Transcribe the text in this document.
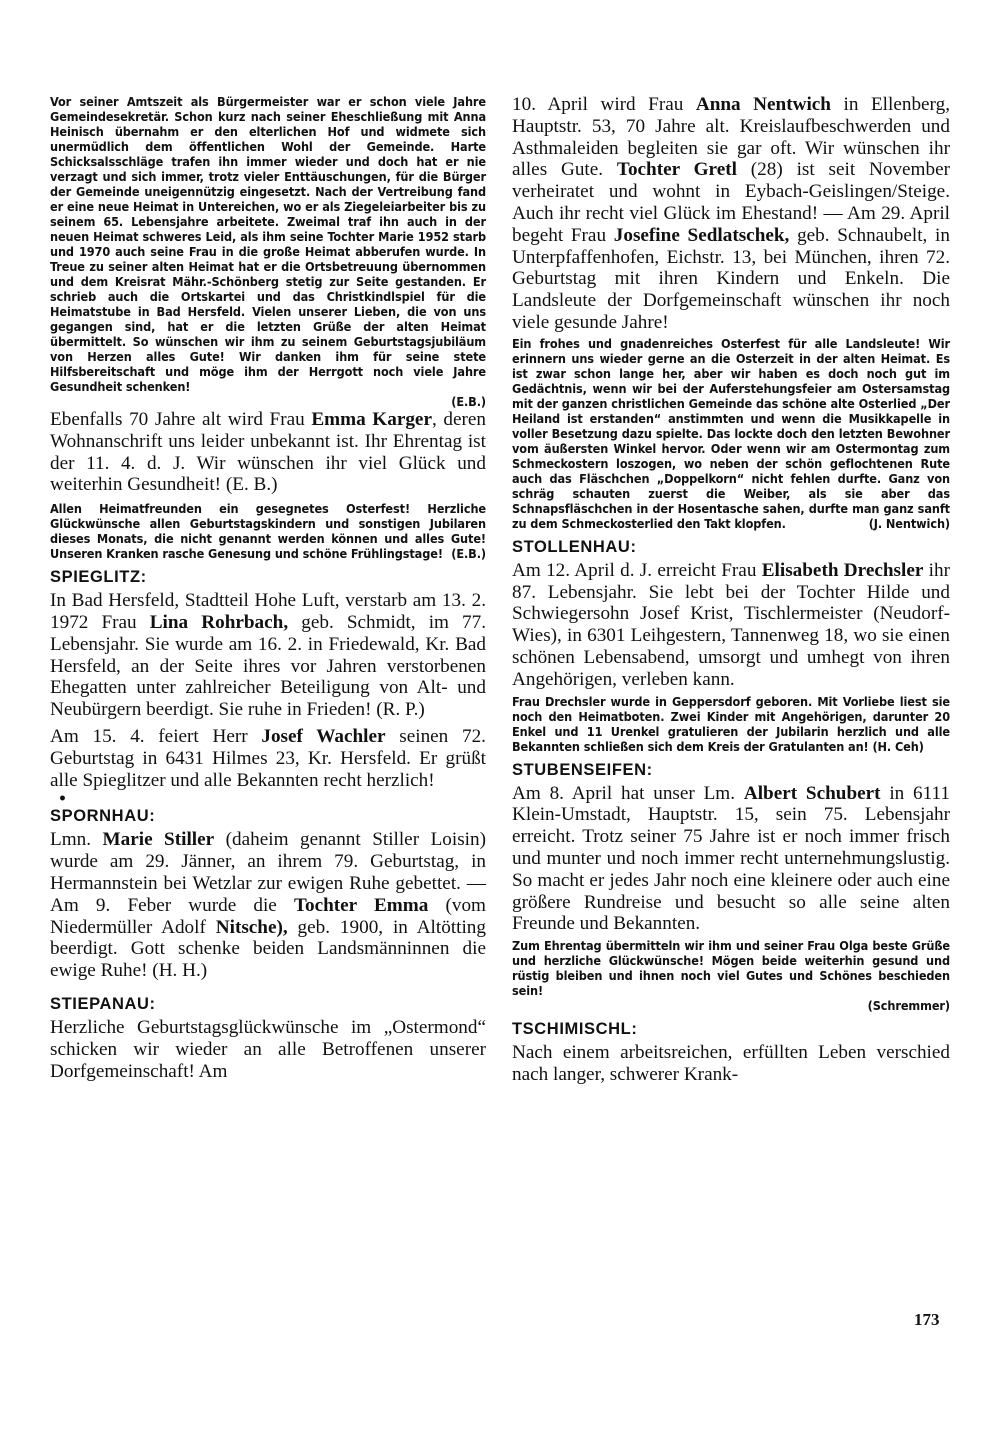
Vor seiner Amtszeit als Bürgermeister war er schon viele Jahre Gemeindesekretär. Schon kurz nach seiner Eheschließung mit Anna Heinisch übernahm er den elterlichen Hof und widmete sich unermüdlich dem öffentlichen Wohl der Gemeinde. Harte Schicksalsschläge trafen ihn immer wieder und doch hat er nie verzagt und sich immer, trotz vieler Enttäuschungen, für die Bürger der Gemeinde uneigennützig eingesetzt. Nach der Vertreibung fand er eine neue Heimat in Untereichen, wo er als Ziegeleiarbeiter bis zu seinem 65. Lebensjahre arbeitete. Zweimal traf ihn auch in der neuen Heimat schweres Leid, als ihm seine Tochter Marie 1952 starb und 1970 auch seine Frau in die große Heimat abberufen wurde. In Treue zu seiner alten Heimat hat er die Ortsbetreuung übernommen und dem Kreisrat Mähr.-Schönberg stetig zur Seite gestanden. Er schrieb auch die Ortskartei und das Christkindlspiel für die Heimatstube in Bad Hersfeld. Vielen unserer Lieben, die von uns gegangen sind, hat er die letzten Grüße der alten Heimat übermittelt. So wünschen wir ihm zu seinem Geburtstagsjubiläum von Herzen alles Gute! Wir danken ihm für seine stete Hilfsbereitschaft und möge ihm der Herrgott noch viele Jahre Gesundheit schenken!
(E.B.)

Ebenfalls 70 Jahre alt wird Frau Emma Karger, deren Wohnanschrift uns leider unbekannt ist. Ihr Ehrentag ist der 11. 4. d. J. Wir wünschen ihr viel Glück und weiterhin Gesundheit! (E. B.)

Allen Heimatfreunden ein gesegnetes Osterfest! Herzliche Glückwünsche allen Geburtstagskindern und sonstigen Jubilaren dieses Monats, die nicht genannt werden können und alles Gute! Unseren Kranken rasche Genesung und schöne Frühlingstage! (E.B.)

SPIEGLITZ:

In Bad Hersfeld, Stadtteil Hohe Luft, verstarb am 13. 2. 1972 Frau Lina Rohrbach, geb. Schmidt, im 77. Lebensjahr. Sie wurde am 16. 2. in Friedewald, Kr. Bad Hersfeld, an der Seite ihres vor Jahren verstorbenen Ehegatten unter zahlreicher Beteiligung von Alt- und Neubürgern beerdigt. Sie ruhe in Frieden! (R. P.)

Am 15. 4. feiert Herr Josef Wachler seinen 72. Geburtstag in 6431 Hilmes 23, Kr. Hersfeld. Er grüßt alle Spieglitzer und alle Bekannten recht herzlich!

•
SPORNHAU:

Lmn. Marie Stiller (daheim genannt Stiller Loisin) wurde am 29. Jänner, an ihrem 79. Geburtstag, in Hermannstein bei Wetzlar zur ewigen Ruhe gebettet. — Am 9. Feber wurde die Tochter Emma (vom Niedermüller Adolf Nitsche), geb. 1900, in Altötting beerdigt. Gott schenke beiden Landsmänninnen die ewige Ruhe! (H. H.)

STIEPANAU:

Herzliche Geburtstagsglückwünsche im „Ostermond“ schicken wir wieder an alle Betroffenen unserer Dorfgemeinschaft! Am

10. April wird Frau Anna Nentwich in Ellenberg, Hauptstr. 53, 70 Jahre alt. Kreislaufbeschwerden und Asthmaleiden begleiten sie gar oft. Wir wünschen ihr alles Gute. Tochter Gretl (28) ist seit November verheiratet und wohnt in Eybach-Geislingen/Steige. Auch ihr recht viel Glück im Ehestand! — Am 29. April begeht Frau Josefine Sedlatschek, geb. Schnaubelt, in Unterpfaffenhofen, Eichstr. 13, bei München, ihren 72. Geburtstag mit ihren Kindern und Enkeln. Die Landsleute der Dorfgemeinschaft wünschen ihr noch viele gesunde Jahre!

Ein frohes und gnadenreiches Osterfest für alle Landsleute! Wir erinnern uns wieder gerne an die Osterzeit in der alten Heimat. Es ist zwar schon lange her, aber wir haben es doch noch gut im Gedächtnis, wenn wir bei der Auferstehungsfeier am Ostersamstag mit der ganzen christlichen Gemeinde das schöne alte Osterlied „Der Heiland ist erstanden“ anstimmten und wenn die Musikkapelle in voller Besetzung dazu spielte. Das lockte doch den letzten Bewohner vom äußersten Winkel hervor. Oder wenn wir am Ostermontag zum Schmeckostern loszogen, wo neben der schön geflochtenen Rute auch das Fläschchen „Doppelkorn“ nicht fehlen durfte. Ganz von schräg schauten zuerst die Weiber, als sie aber das Schnapsfläschchen in der Hosentasche sahen, durfte man ganz sanft zu dem Schmeckosterlied den Takt klopfen.	(J. Nentwich)

STOLLENHAU:

Am 12. April d. J. erreicht Frau Elisabeth Drechsler ihr 87. Lebensjahr. Sie lebt bei der Tochter Hilde und Schwiegersohn Josef Krist, Tischlermeister (Neudorf-Wies), in 6301 Leihgestern, Tannenweg 18, wo sie einen schönen Lebensabend, umsorgt und umhegt von ihren Angehörigen, verleben kann.

Frau Drechsler wurde in Geppersdorf geboren. Mit Vorliebe liest sie noch den Heimatboten. Zwei Kinder mit Angehörigen, darunter 20 Enkel und 11 Urenkel gratulieren der Jubilarin herzlich und alle Bekannten schließen sich dem Kreis der Gratulanten an! (H. Ceh)

STUBENSEIFEN:

Am 8. April hat unser Lm. Albert Schubert in 6111 Klein-Umstadt, Hauptstr. 15, sein 75. Lebensjahr erreicht. Trotz seiner 75 Jahre ist er noch immer frisch und munter und noch immer recht unternehmungslustig. So macht er jedes Jahr noch eine kleinere oder auch eine größere Rundreise und besucht so alle seine alten Freunde und Bekannten.

Zum Ehrentag übermitteln wir ihm und seiner Frau Olga beste Grüße und herzliche Glückwünsche! Mögen beide weiterhin gesund und rüstig bleiben und ihnen noch viel Gutes und Schönes beschieden sein!
(Schremmer)

TSCHIMISCHL:

Nach einem arbeitsreichen, erfüllten Leben verschied nach langer, schwerer Krank-

173
